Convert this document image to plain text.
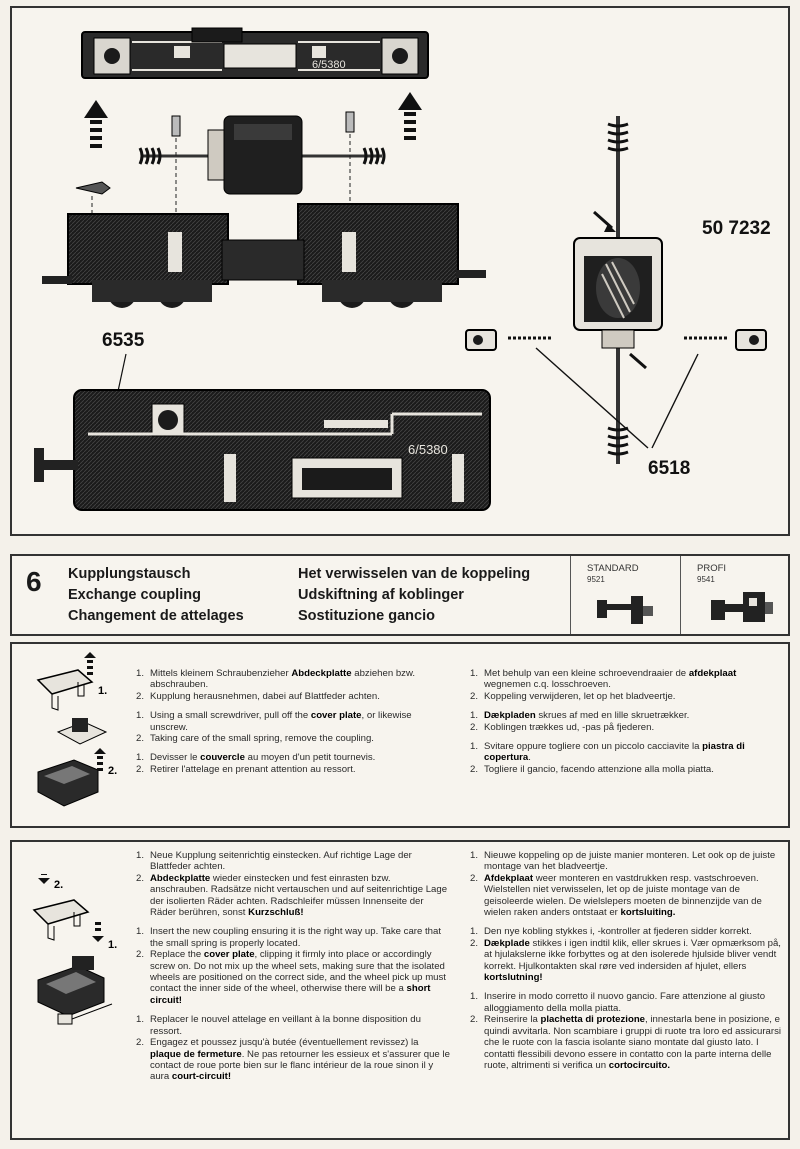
6/5380
6/5380
50 7232
6535
6518
6 Kupplungstausch
Exchange coupling
Changement de attelages
Het verwisselen van de koppeling
Udskiftning af koblinger
Sostituzione gancio
STANDARD
9521
PROFI
9541
1.
2.
1. Mittels kleinem Schraubenzieher Abdeckplatte abziehen bzw. abschrauben.
2. Kupplung herausnehmen, dabei auf Blattfeder achten.
1. Using a small screwdriver, pull off the cover plate, or likewise unscrew.
2. Taking care of the small spring, remove the coupling.
1. Devisser le couvercle au moyen d'un petit tournevis.
2. Retirer l'attelage en prenant attention au ressort.
1. Met behulp van een kleine schroevendraaier de afdekplaat wegnemen c.q. losschroeven.
2. Koppeling verwijderen, let op het bladveertje.
1. Dækpladen skrues af med en lille skruetrækker.
2. Koblingen trækkes ud, -pas på fjederen.
1. Svitare oppure togliere con un piccolo cacciavite la piastra di copertura.
2. Togliere il gancio, facendo attenzione alla molla piatta.
2.
1.
1. Neue Kupplung seitenrichtig einstecken. Auf richtige Lage der Blattfeder achten.
2. Abdeckplatte wieder einstecken und fest einrasten bzw. anschrauben. Radsätze nicht vertauschen und auf seitenrichtige Lage der isolierten Räder achten. Radschleifer müssen Innenseite der Räder berühren, sonst Kurzschluß!
1. Insert the new coupling ensuring it is the right way up. Take care that the small spring is properly located.
2. Replace the cover plate, clipping it firmly into place or accordingly screw on. Do not mix up the wheel sets, making sure that the isolated wheels are positioned on the correct side, and the wheel pick up must contact the inner side of the wheel, otherwise there will be a short circuit!
1. Replacer le nouvel attelage en veillant à la bonne disposition du ressort.
2. Engagez et poussez jusqu'à butée (éventuellement revissez) la plaque de fermeture. Ne pas retourner les essieux et s'assurer que le contact de roue porte bien sur le flanc intérieur de la roue sinon il y aura court-circuit!
1. Nieuwe koppeling op de juiste manier monteren. Let ook op de juiste montage van het bladveertje.
2. Afdekplaat weer monteren en vastdrukken resp. vastschroeven. Wielstellen niet verwisselen, let op de juiste montage van de geisoleerde wielen. De wielslepers moeten de binnenzijde van de wielen raken anders ontstaat er kortsluiting.
1. Den nye kobling stykkes i, -kontroller at fjederen sidder korrekt.
2. Dækplade stikkes i igen indtil klik, eller skrues i. Vær opmærksom på, at hjulakslerne ikke forbyttes og at den isolerede hjulside bliver vendt korrekt. Hjulkontakten skal røre ved indersiden af hjulet, ellers kortslutning!
1. Inserire in modo corretto il nuovo gancio. Fare attenzione al giusto alloggiamento della molla piatta.
2. Reinserire la plachetta di protezione, innestarla bene in posizione, e quindi avvitarla. Non scambiare i gruppi di ruote tra loro ed assicurarsi che le ruote con la fascia isolante siano montate dal giusto lato. I contatti flessibili devono essere in contatto con la parte interna delle ruote, altrimenti si verifica un cortocircuito.
